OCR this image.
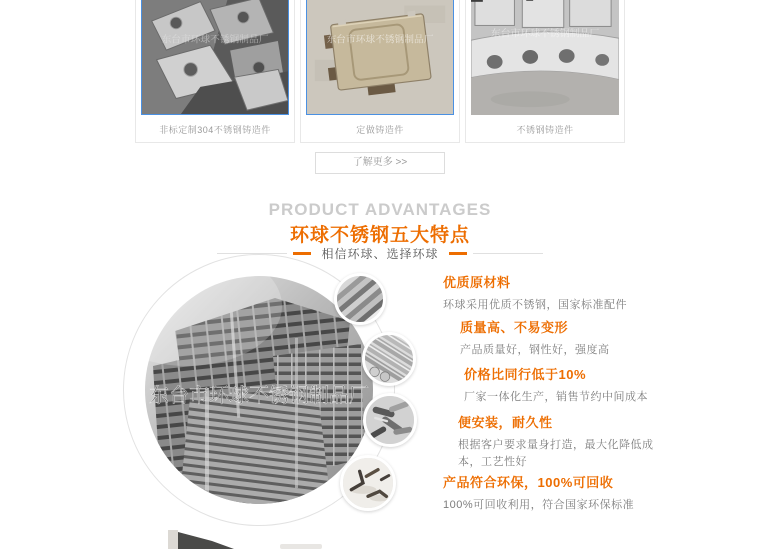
东台市环球不锈钢制品厂
非标定制304不锈钢铸造件
东台市环球不锈钢制品厂
定做铸造件
东台市环球不锈钢制品厂
不锈钢铸造件
了解更多 >>
PRODUCT ADVANTAGES
环球不锈钢五大特点
相信环球、选择环球
东台市环球不锈钢制品厂
优质原材料
环球采用优质不锈钢，国家标准配件
质量高、不易变形
产品质量好，钢性好，强度高
价格比同行低于10%
厂家一体化生产，销售节约中间成本
便安装，耐久性
根据客户要求量身打造，最大化降低成本，工艺性好
产品符合环保，100%可回收
100%可回收利用，符合国家环保标准
